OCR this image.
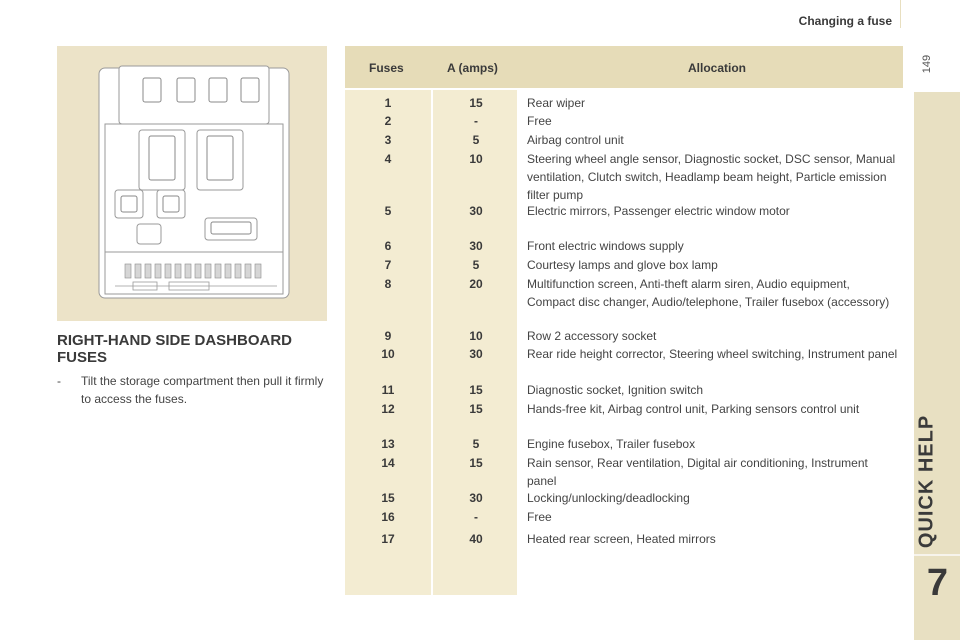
Changing a fuse
149
QUICK HELP
7
RIGHT-HAND SIDE DASHBOARD FUSES
-	Tilt the storage compartment then pull it firmly to access the fuses.
Fuses	A (amps)	Allocation
1	15	Rear wiper
2	-	Free
3	5	Airbag control unit
4	10	Steering wheel angle sensor, Diagnostic socket, DSC sensor, Manual ventilation, Clutch switch, Headlamp beam height, Particle emission filter pump
5	30	Electric mirrors, Passenger electric window motor
6	30	Front electric windows supply
7	5	Courtesy lamps and glove box lamp
8	20	Multifunction screen, Anti-theft alarm siren, Audio equipment, Compact disc changer, Audio/telephone, Trailer fusebox (accessory)
9	10	Row 2 accessory socket
10	30	Rear ride height corrector, Steering wheel switching, Instrument panel
11	15	Diagnostic socket, Ignition switch
12	15	Hands-free kit, Airbag control unit, Parking sensors control unit
13	5	Engine fusebox, Trailer fusebox
14	15	Rain sensor, Rear ventilation, Digital air conditioning, Instrument panel
15	30	Locking/unlocking/deadlocking
16	-	Free
17	40	Heated rear screen, Heated mirrors
